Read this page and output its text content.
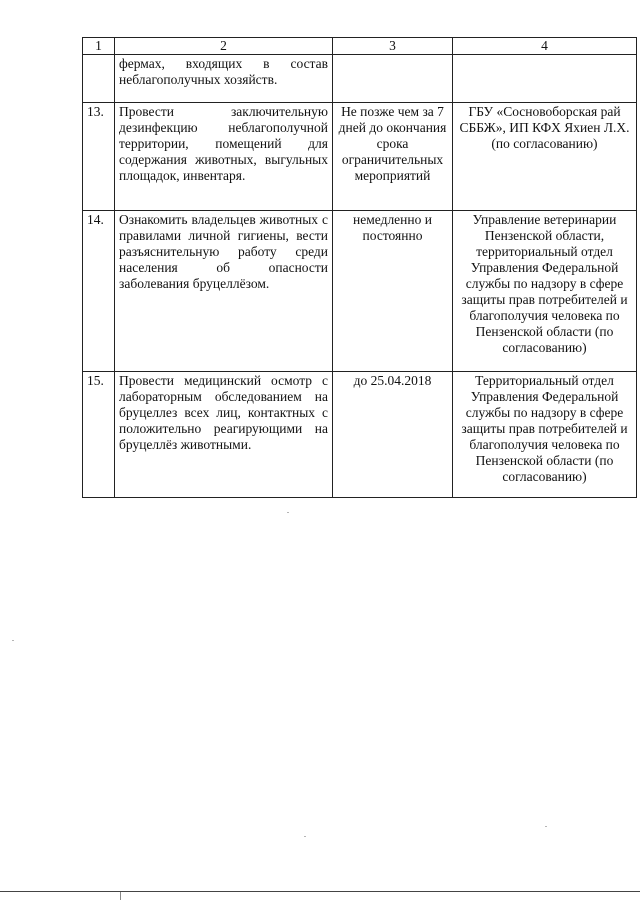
1	2	3	4
	фермах, входящих в состав неблагополучных хозяйств.		
13.	Провести заключительную дезинфекцию неблагополучной территории, помещений для содержания животных, выгульных площадок, инвентаря.	Не позже чем за 7 дней до окончания срока ограничительных мероприятий	ГБУ «Сосновоборская рай СББЖ», ИП КФХ Яхиен Л.Х. (по согласованию)
14.	Ознакомить владельцев животных с правилами личной гигиены, вести разъяснительную работу среди населения об опасности заболевания бруцеллёзом.	немедленно и постоянно	Управление ветеринарии Пензенской области, территориальный отдел Управления Федеральной службы по надзору в сфере защиты прав потребителей и благополучия человека по Пензенской области (по согласованию)
15.	Провести медицинский осмотр с лабораторным обследованием на бруцеллез всех лиц, контактных с положительно реагирующими на бруцеллёз животными.	до 25.04.2018	Территориальный отдел Управления Федеральной службы по надзору в сфере защиты прав потребителей и благополучия человека по Пензенской области (по согласованию)
